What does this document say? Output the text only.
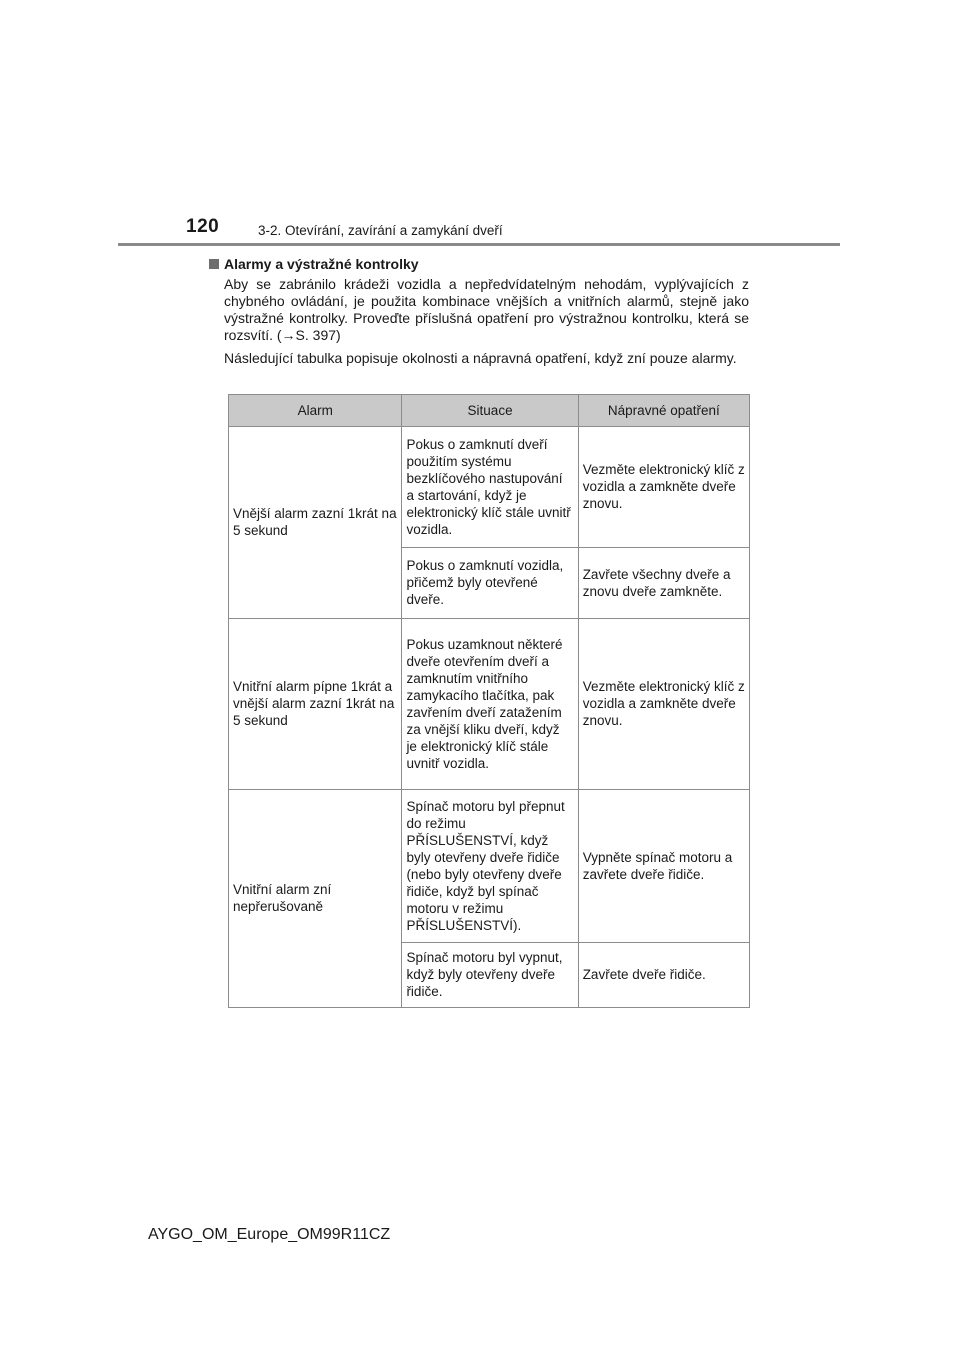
120	3-2. Otevírání, zavírání a zamykání dveří
Alarmy a výstražné kontrolky

Aby se zabránilo krádeži vozidla a nepředvídatelným nehodám, vyplývajících z chybného ovládání, je použita kombinace vnějších a vnitřních alarmů, stejně jako výstražné kontrolky. Proveďte příslušná opatření pro výstražnou kontrolku, která se rozsvítí. (→S. 397)

Následující tabulka popisuje okolnosti a nápravná opatření, když zní pouze alarmy.

Alarm	Situace	Nápravné opatření
Vnější alarm zazní 1krát na 5 sekund	Pokus o zamknutí dveří použitím systému bezklíčového nastupování a startování, když je elektronický klíč stále uvnitř vozidla.	Vezměte elektronický klíč z vozidla a zamkněte dveře znovu.
	Pokus o zamknutí vozidla, přičemž byly otevřené dveře.	Zavřete všechny dveře a znovu dveře zamkněte.
Vnitřní alarm pípne 1krát a vnější alarm zazní 1krát na 5 sekund	Pokus uzamknout některé dveře otevřením dveří a zamknutím vnitřního zamykacího tlačítka, pak zavřením dveří zatažením za vnější kliku dveří, když je elektronický klíč stále uvnitř vozidla.	Vezměte elektronický klíč z vozidla a zamkněte dveře znovu.
Vnitřní alarm zní nepřerušovaně	Spínač motoru byl přepnut do režimu PŘÍSLUŠENSTVÍ, když byly otevřeny dveře řidiče (nebo byly otevřeny dveře řidiče, když byl spínač motoru v režimu PŘÍSLUŠENSTVÍ).	Vypněte spínač motoru a zavřete dveře řidiče.
	Spínač motoru byl vypnut, když byly otevřeny dveře řidiče.	Zavřete dveře řidiče.
AYGO_OM_Europe_OM99R11CZ
